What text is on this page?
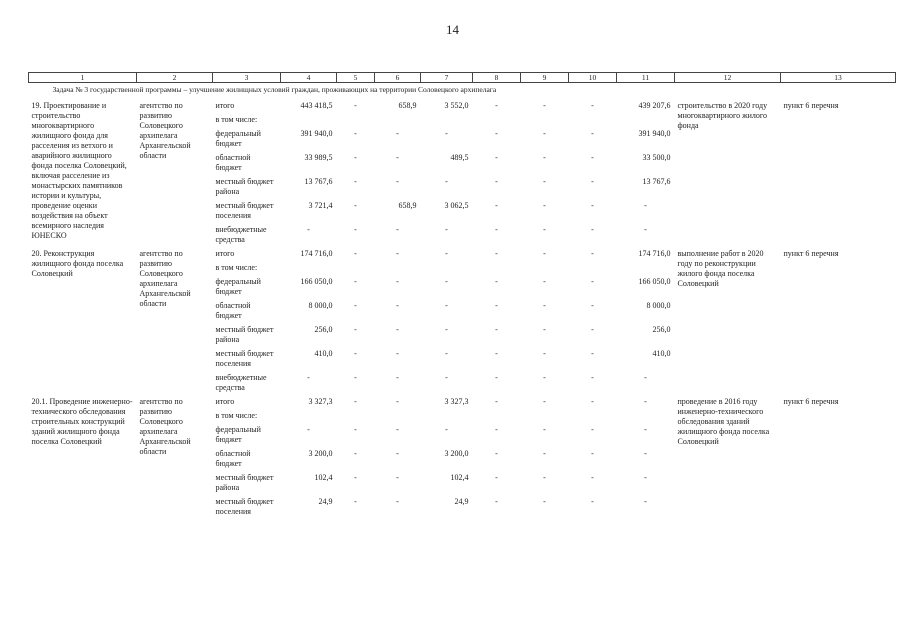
14
1	2	3	4	5	6	7	8	9	10	11	12	13
Задача № 3 государственной программы – улучшение жилищных условий граждан, проживающих на территории Соловецкого архипелага												
19. Проектирование и строительство многоквартирного жилищного фонда для расселения из ветхого и аварийного жилищного фонда поселка Соловецкий, включая расселение из монастырских памятников истории и культуры, проведение оценки воздействия на объект всемирного наследия ЮНЕСКО	агентство по развитию Соловецкого архипелага Архангельской области	итого	443 418,5	-	658,9	3 552,0	-	-	-	439 207,6	строительство в 2020 году многоквартирного жилого фонда	пункт 6 перечня
		в том числе:										
		федеральный бюджет	391 940,0	-	-	-	-	-	-	391 940,0		
		областной бюджет	33 989,5	-	-	489,5	-	-	-	33 500,0		
		местный бюджет района	13 767,6	-	-	-	-	-	-	13 767,6		
		местный бюджет поселения	3 721,4	-	658,9	3 062,5	-	-	-	-		
		внебюджетные средства	-	-	-	-	-	-	-	-		
20. Реконструкция жилищного фонда поселка Соловецкий	агентство по развитию Соловецкого архипелага Архангельской области	итого	174 716,0	-	-	-	-	-	-	174 716,0	выполнение работ в 2020 году по реконструкции жилого фонда поселка Соловецкий	пункт 6 перечня
		в том числе:										
		федеральный бюджет	166 050,0	-	-	-	-	-	-	166 050,0		
		областной бюджет	8 000,0	-	-	-	-	-	-	8 000,0		
		местный бюджет района	256,0	-	-	-	-	-	-	256,0		
		местный бюджет поселения	410,0	-	-	-	-	-	-	410,0		
		внебюджетные средства	-	-	-	-	-	-	-	-		
20.1. Проведение инженерно-технического обследования строительных конструкций зданий жилищного фонда поселка Соловецкий	агентство по развитию Соловецкого архипелага Архангельской области	итого	3 327,3	-	-	3 327,3	-	-	-	-	проведение в 2016 году инженерно-технического обследования зданий жилищного фонда поселка Соловецкий	пункт 6 перечня
		в том числе:										
		федеральный бюджет	-	-	-	-	-	-	-	-		
		областной бюджет	3 200,0	-	-	3 200,0	-	-	-	-		
		местный бюджет района	102,4	-	-	102,4	-	-	-	-		
		местный бюджет поселения	24,9	-	-	24,9	-	-	-	-		
